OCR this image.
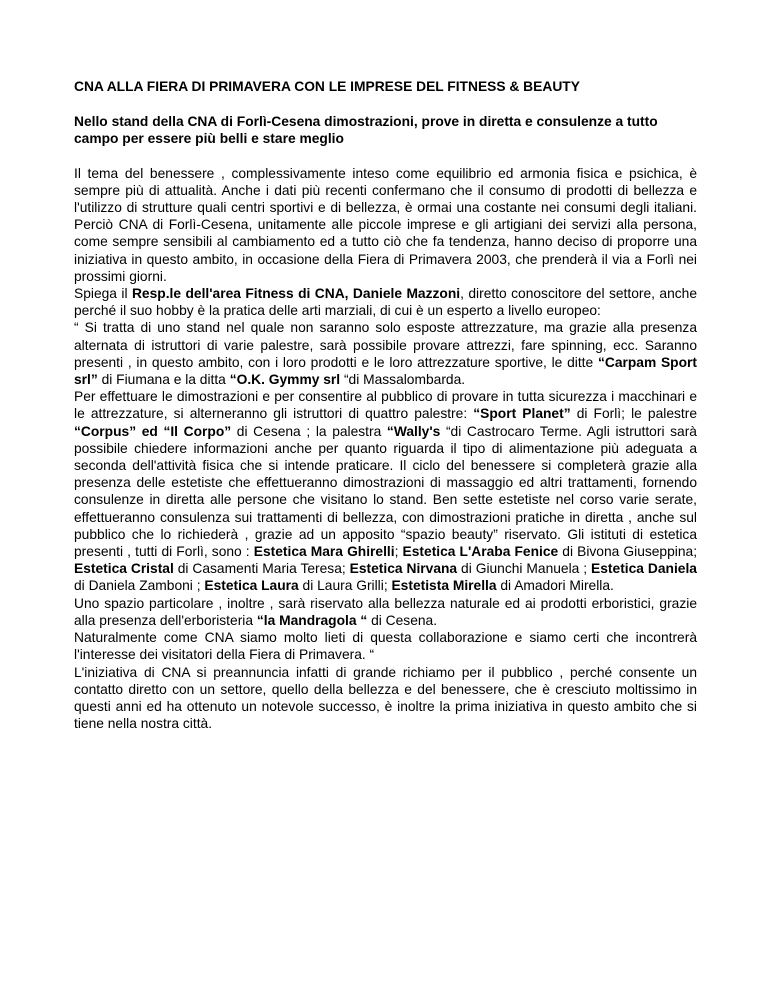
CNA ALLA FIERA DI PRIMAVERA CON LE IMPRESE DEL FITNESS & BEAUTY
Nello stand della CNA di Forlì-Cesena dimostrazioni, prove in diretta e consulenze a tutto campo per essere più belli e stare meglio

Il tema del benessere , complessivamente inteso come equilibrio ed armonia fisica e psichica, è sempre più di attualità. Anche i dati più recenti confermano che il consumo di prodotti di bellezza e l'utilizzo di strutture quali centri sportivi e di bellezza, è ormai una costante nei consumi degli italiani. Perciò CNA di Forlì-Cesena, unitamente alle piccole imprese e gli artigiani dei servizi alla persona, come sempre sensibili al cambiamento ed a tutto ciò che fa tendenza, hanno deciso di proporre una iniziativa in questo ambito, in occasione della Fiera di Primavera 2003, che prenderà il via a Forlì nei prossimi giorni.

Spiega il Resp.le dell'area Fitness di CNA, Daniele Mazzoni, diretto conoscitore del settore, anche perché il suo hobby è la pratica delle arti marziali, di cui è un esperto a livello europeo:

“ Si tratta di uno stand nel quale non saranno solo esposte attrezzature, ma grazie alla presenza alternata di istruttori di varie palestre, sarà possibile provare attrezzi, fare spinning, ecc. Saranno presenti , in questo ambito, con i loro prodotti e le loro attrezzature sportive, le ditte “Carpam Sport srl” di Fiumana e la ditta “O.K. Gymmy srl “di Massalombarda.

Per effettuare le dimostrazioni e per consentire al pubblico di provare in tutta sicurezza i macchinari e le attrezzature, si alterneranno gli istruttori di quattro palestre: “Sport Planet” di Forlì; le palestre “Corpus” ed “Il Corpo” di Cesena ; la palestra “Wally's “di Castrocaro Terme. Agli istruttori sarà possibile chiedere informazioni anche per quanto riguarda il tipo di alimentazione più adeguata a seconda dell'attività fisica che si intende praticare. Il ciclo del benessere si completerà grazie alla presenza delle estetiste che effettueranno dimostrazioni di massaggio ed altri trattamenti, fornendo consulenze in diretta alle persone che visitano lo stand. Ben sette estetiste nel corso varie serate, effettueranno consulenza sui trattamenti di bellezza, con dimostrazioni pratiche in diretta , anche sul pubblico che lo richiederà , grazie ad un apposito “spazio beauty” riservato. Gli istituti di estetica presenti , tutti di Forlì, sono : Estetica Mara Ghirelli; Estetica L'Araba Fenice di Bivona Giuseppina; Estetica Cristal di Casamenti Maria Teresa; Estetica Nirvana di Giunchi Manuela ; Estetica Daniela di Daniela Zamboni ; Estetica Laura di Laura Grilli; Estetista Mirella di Amadori Mirella.

Uno spazio particolare , inoltre , sarà riservato alla bellezza naturale ed ai prodotti erboristici, grazie alla presenza dell'erboristeria “la Mandragola “ di Cesena.

Naturalmente come CNA siamo molto lieti di questa collaborazione e siamo certi che incontrerà l'interesse dei visitatori della Fiera di Primavera. “

L'iniziativa di CNA si preannuncia infatti di grande richiamo per il pubblico , perché consente un contatto diretto con un settore, quello della bellezza e del benessere, che è cresciuto moltissimo in questi anni ed ha ottenuto un notevole successo, è inoltre la prima iniziativa in questo ambito che si tiene nella nostra città.
